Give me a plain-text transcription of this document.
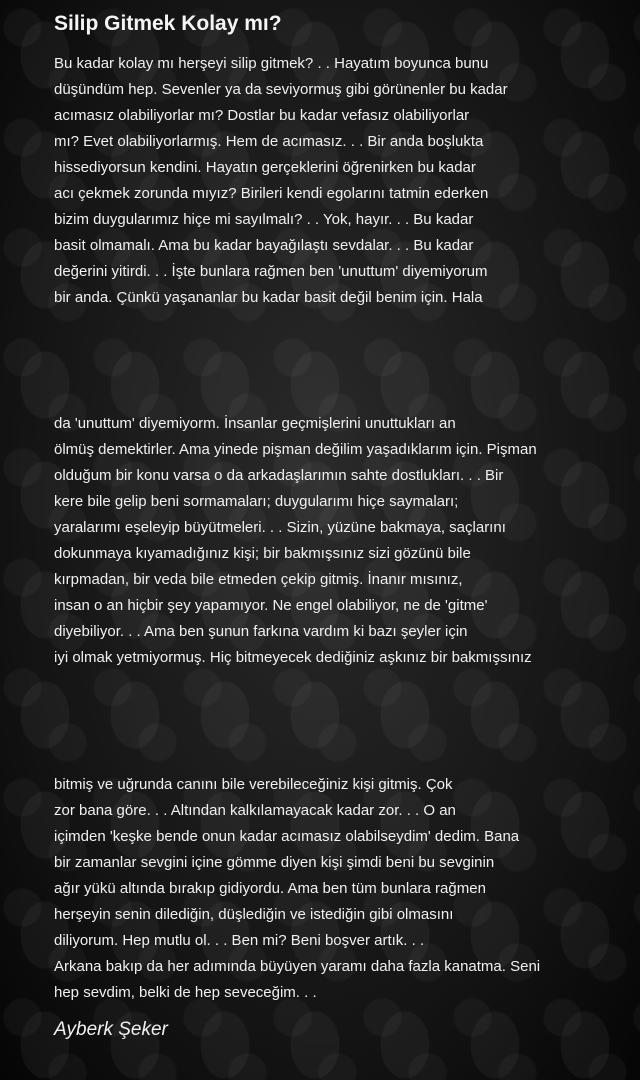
Silip Gitmek Kolay mı?
Bu kadar kolay mı herşeyi silip gitmek? . . Hayatım boyunca bunu
düşündüm hep. Sevenler ya da seviyormuş gibi görünenler bu kadar
acımasız olabiliyorlar mı? Dostlar bu kadar vefasız olabiliyorlar
mı? Evet olabiliyorlarmış. Hem de acımasız. . . Bir anda boşlukta
hissediyorsun kendini. Hayatın gerçeklerini öğrenirken bu kadar
acı çekmek zorunda mıyız? Birileri kendi egolarını tatmin ederken
bizim duygularımız hiçe mi sayılmalı? . . Yok, hayır. . . Bu kadar
basit olmamalı. Ama bu kadar bayağılaştı sevdalar. . . Bu kadar
değerini yitirdi. . . İşte bunlara rağmen ben 'unuttum' diyemiyorum
bir anda. Çünkü yaşananlar bu kadar basit değil benim için. Hala
da 'unuttum' diyemiyorm. İnsanlar geçmişlerini unuttukları an
ölmüş demektirler. Ama yinede pişman değilim yaşadıklarım için. Pişman
olduğum bir konu varsa o da arkadaşlarımın sahte dostlukları. . . Bir
kere bile gelip beni sormamaları; duygularımı hiçe saymaları;
yaralarımı eşeleyip büyütmeleri. . . Sizin, yüzüne bakmaya, saçlarını
dokunmaya kıyamadığınız kişi; bir bakmışsınız sizi gözünü bile
kırpmadan, bir veda bile etmeden çekip gitmiş. İnanır mısınız,
insan o an hiçbir şey yapamıyor. Ne engel olabiliyor, ne de 'gitme'
diyebiliyor. . . Ama ben şunun farkına vardım ki bazı şeyler için
iyi olmak yetmiyormuş. Hiç bitmeyecek dediğiniz aşkınız bir bakmışsınız
bitmiş ve uğrunda canını bile verebileceğiniz kişi gitmiş. Çok
zor bana göre. . . Altından kalkılamayacak kadar zor. . . O an
içimden 'keşke bende onun kadar acımasız olabilseydim' dedim. Bana
bir zamanlar sevgini içine gömme diyen kişi şimdi beni bu sevginin
ağır yükü altında bırakıp gidiyordu. Ama ben tüm bunlara rağmen
herşeyin senin dilediğin, düşlediğin ve istediğin gibi olmasını
diliyorum. Hep mutlu ol. . . Ben mi? Beni boşver artık. . .
Arkana bakıp da her adımında büyüyen yaramı daha fazla kanatma. Seni
hep sevdim, belki de hep seveceğim. . .
Ayberk Şeker
